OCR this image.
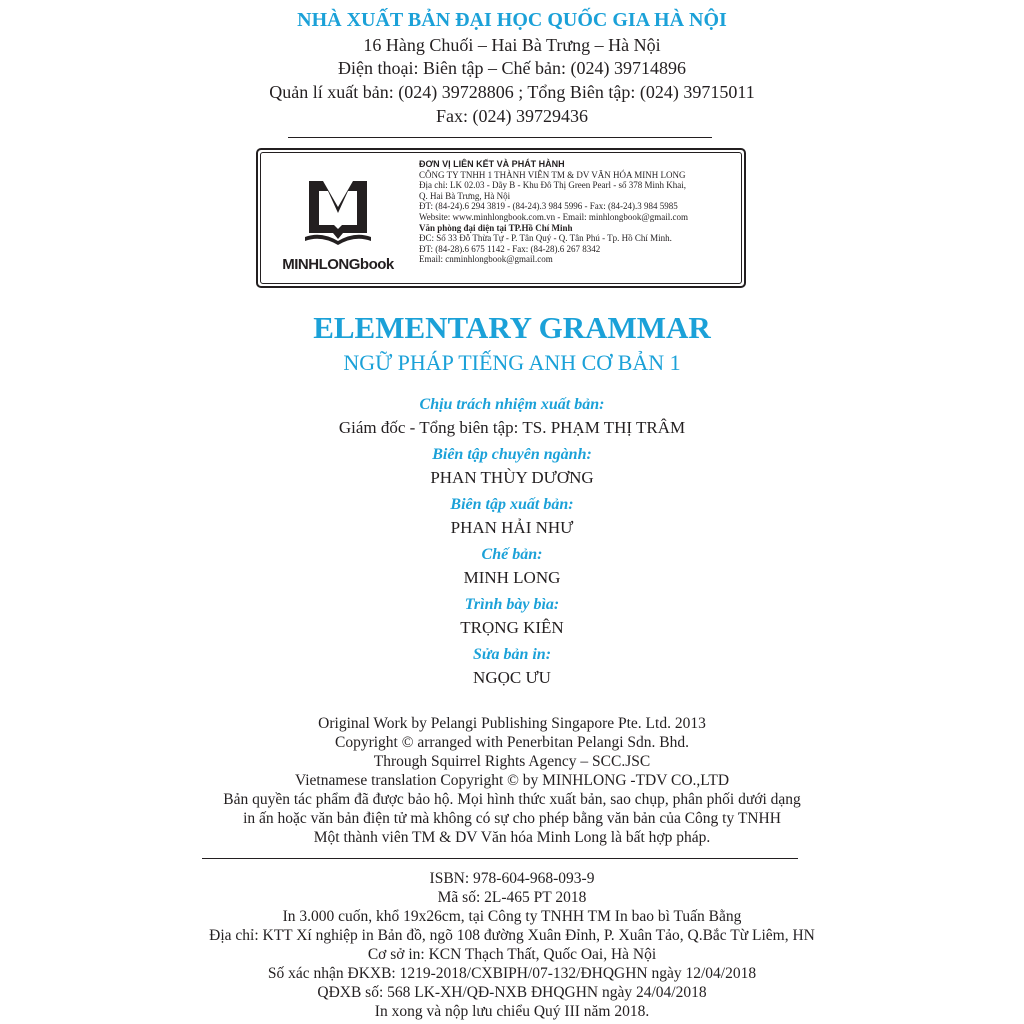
NHÀ XUẤT BẢN ĐẠI HỌC QUỐC GIA HÀ NỘI
16 Hàng Chuối – Hai Bà Trưng – Hà Nội
Điện thoại: Biên tập – Chế bản: (024) 39714896
Quản lí xuất bản: (024) 39728806 ; Tổng Biên tập: (024) 39715011
Fax: (024) 39729436
MINHLONGbook
ĐƠN VỊ LIÊN KẾT VÀ PHÁT HÀNH
CÔNG TY TNHH 1 THÀNH VIÊN TM & DV VĂN HÓA MINH LONG
Địa chỉ: LK 02.03 - Dãy B - Khu Đô Thị Green Pearl - số 378 Minh Khai,
Q. Hai Bà Trưng, Hà Nội
ĐT: (84-24).6 294 3819 - (84-24).3 984 5996 - Fax: (84-24).3 984 5985
Website: www.minhlongbook.com.vn - Email: minhlongbook@gmail.com
Văn phòng đại diện tại TP.Hồ Chí Minh
ĐC: Số 33 Đỗ Thừa Tự - P. Tân Quý - Q. Tân Phú - Tp. Hồ Chí Minh.
ĐT: (84-28).6 675 1142 - Fax: (84-28).6 267 8342
Email: cnminhlongbook@gmail.com
ELEMENTARY GRAMMAR
NGỮ PHÁP TIẾNG ANH CƠ BẢN 1
Chịu trách nhiệm xuất bản:
Giám đốc - Tổng biên tập: TS. PHẠM THỊ TRÂM
Biên tập chuyên ngành:
PHAN THÙY DƯƠNG
Biên tập xuất bản:
PHAN HẢI NHƯ
Chế bản:
MINH LONG
Trình bày bìa:
TRỌNG KIÊN
Sửa bản in:
NGỌC ƯU
Original Work by Pelangi Publishing Singapore Pte. Ltd. 2013
Copyright © arranged with Penerbitan Pelangi Sdn. Bhd.
Through Squirrel Rights Agency – SCC.JSC
Vietnamese translation Copyright © by MINHLONG -TDV CO.,LTD
Bản quyền tác phẩm đã được bảo hộ. Mọi hình thức xuất bản, sao chụp, phân phối dưới dạng
in ấn hoặc văn bản điện tử mà không có sự cho phép bằng văn bản của Công ty TNHH
Một thành viên TM & DV Văn hóa Minh Long là bất hợp pháp.
ISBN: 978-604-968-093-9
Mã số: 2L-465 PT 2018
In 3.000 cuốn, khổ 19x26cm, tại Công ty TNHH TM In bao bì Tuấn Bằng
Địa chỉ: KTT Xí nghiệp in Bản đồ, ngõ 108 đường Xuân Đỉnh, P. Xuân Tảo, Q.Bắc Từ Liêm, HN
Cơ sở in: KCN Thạch Thất, Quốc Oai, Hà Nội
Số xác nhận ĐKXB: 1219-2018/CXBIPH/07-132/ĐHQGHN ngày 12/04/2018
QĐXB số: 568 LK-XH/QĐ-NXB ĐHQGHN ngày 24/04/2018
In xong và nộp lưu chiểu Quý III năm 2018.
